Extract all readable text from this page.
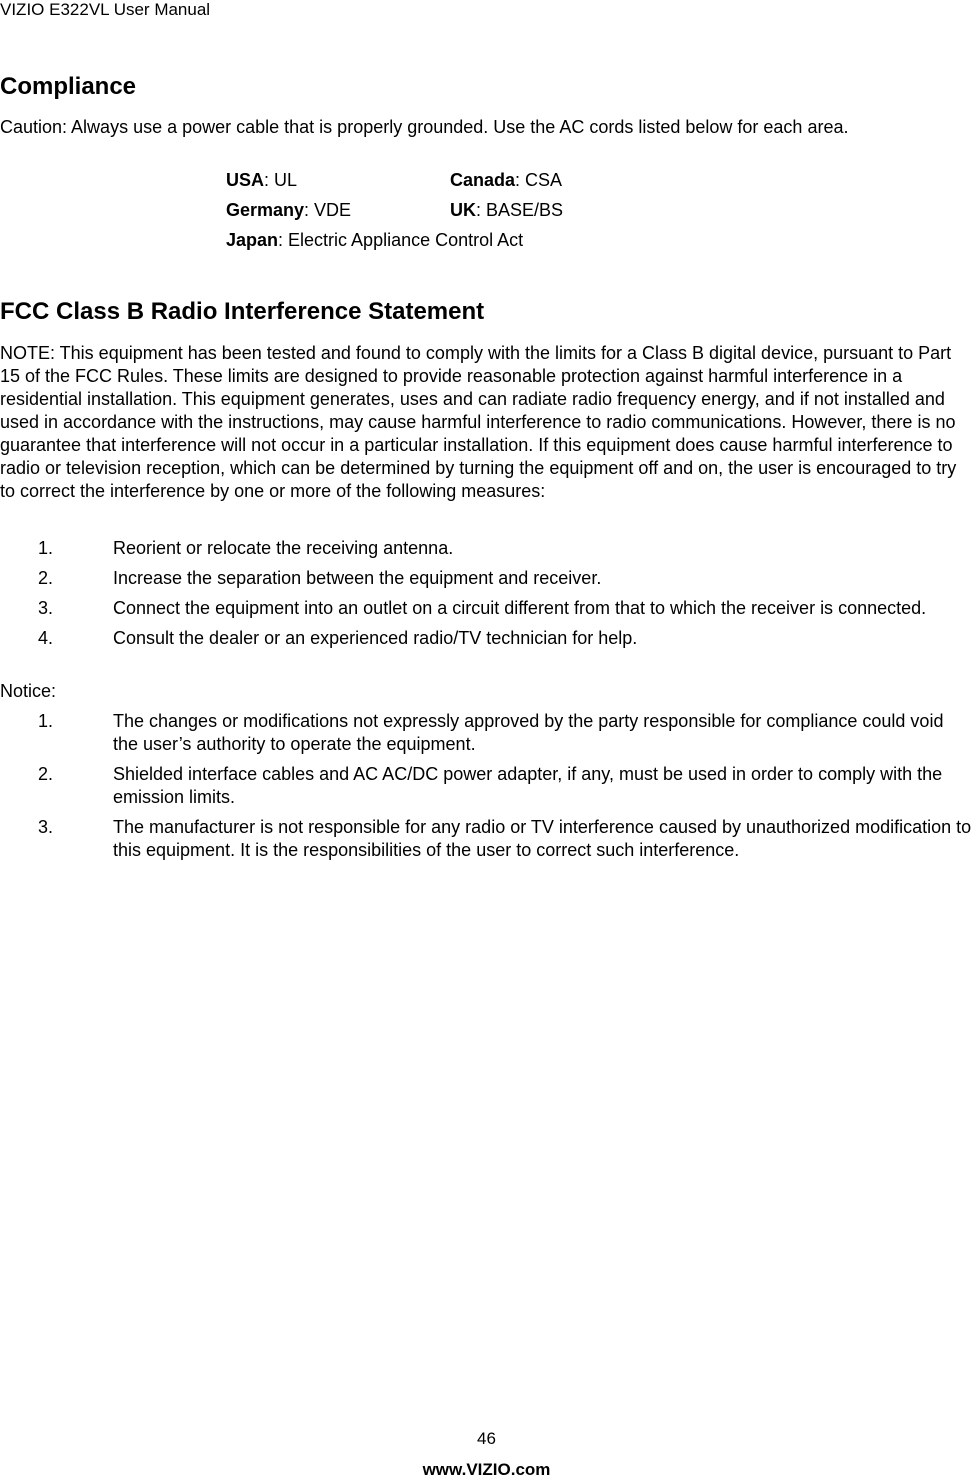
VIZIO E322VL User Manual
Compliance

Caution: Always use a power cable that is properly grounded. Use the AC cords listed below for each area.

USA: UL	Canada: CSA
Germany: VDE	UK: BASE/BS
Japan: Electric Appliance Control Act
FCC Class B Radio Interference Statement

NOTE: This equipment has been tested and found to comply with the limits for a Class B digital device, pursuant to Part 15 of the FCC Rules. These limits are designed to provide reasonable protection against harmful interference in a residential installation. This equipment generates, uses and can radiate radio frequency energy, and if not installed and used in accordance with the instructions, may cause harmful interference to radio communications. However, there is no guarantee that interference will not occur in a particular installation. If this equipment does cause harmful interference to radio or television reception, which can be determined by turning the equipment off and on, the user is encouraged to try to correct the interference by one or more of the following measures:

1.	Reorient or relocate the receiving antenna.
2.	Increase the separation between the equipment and receiver.
3.	Connect the equipment into an outlet on a circuit different from that to which the receiver is connected.
4.	Consult the dealer or an experienced radio/TV technician for help.
Notice:
1.	The changes or modifications not expressly approved by the party responsible for compliance could void the user’s authority to operate the equipment.
2.	Shielded interface cables and AC AC/DC power adapter, if any, must be used in order to comply with the emission limits.
3.	The manufacturer is not responsible for any radio or TV interference caused by unauthorized modification to this equipment. It is the responsibilities of the user to correct such interference.
46
www.VIZIO.com
